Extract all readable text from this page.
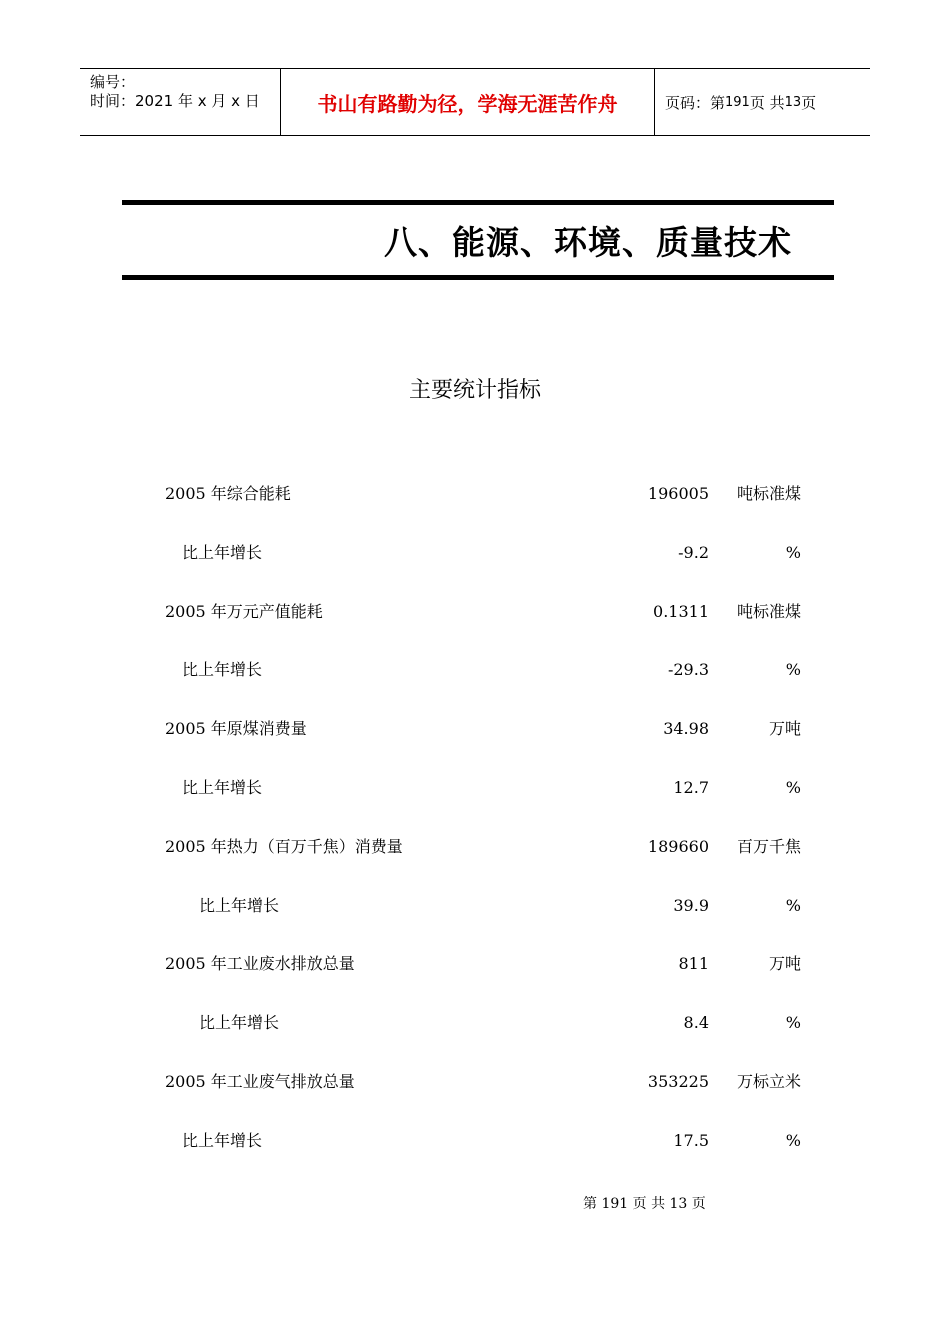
编号：
时间：2021 年 x 月 x 日	书山有路勤为径，学海无涯苦作舟	页码：第 191 页 共 13 页
八、能源、环境、质量技术
主要统计指标
2005 年综合能耗	196005 吨标准煤
比上年增长	-9.2	%
2005 年万元产值能耗	0.1311 吨标准煤
比上年增长	-29.3	%
2005 年原煤消费量	34.98	万吨
比上年增长	12.7	%
2005 年热力（百万千焦）消费量	189660 百万千焦
比上年增长	39.9	%
2005 年工业废水排放总量	811	万吨
比上年增长	8.4	%
2005 年工业废气排放总量	353225 万标立米
比上年增长	17.5	%
第 191 页 共 13 页
